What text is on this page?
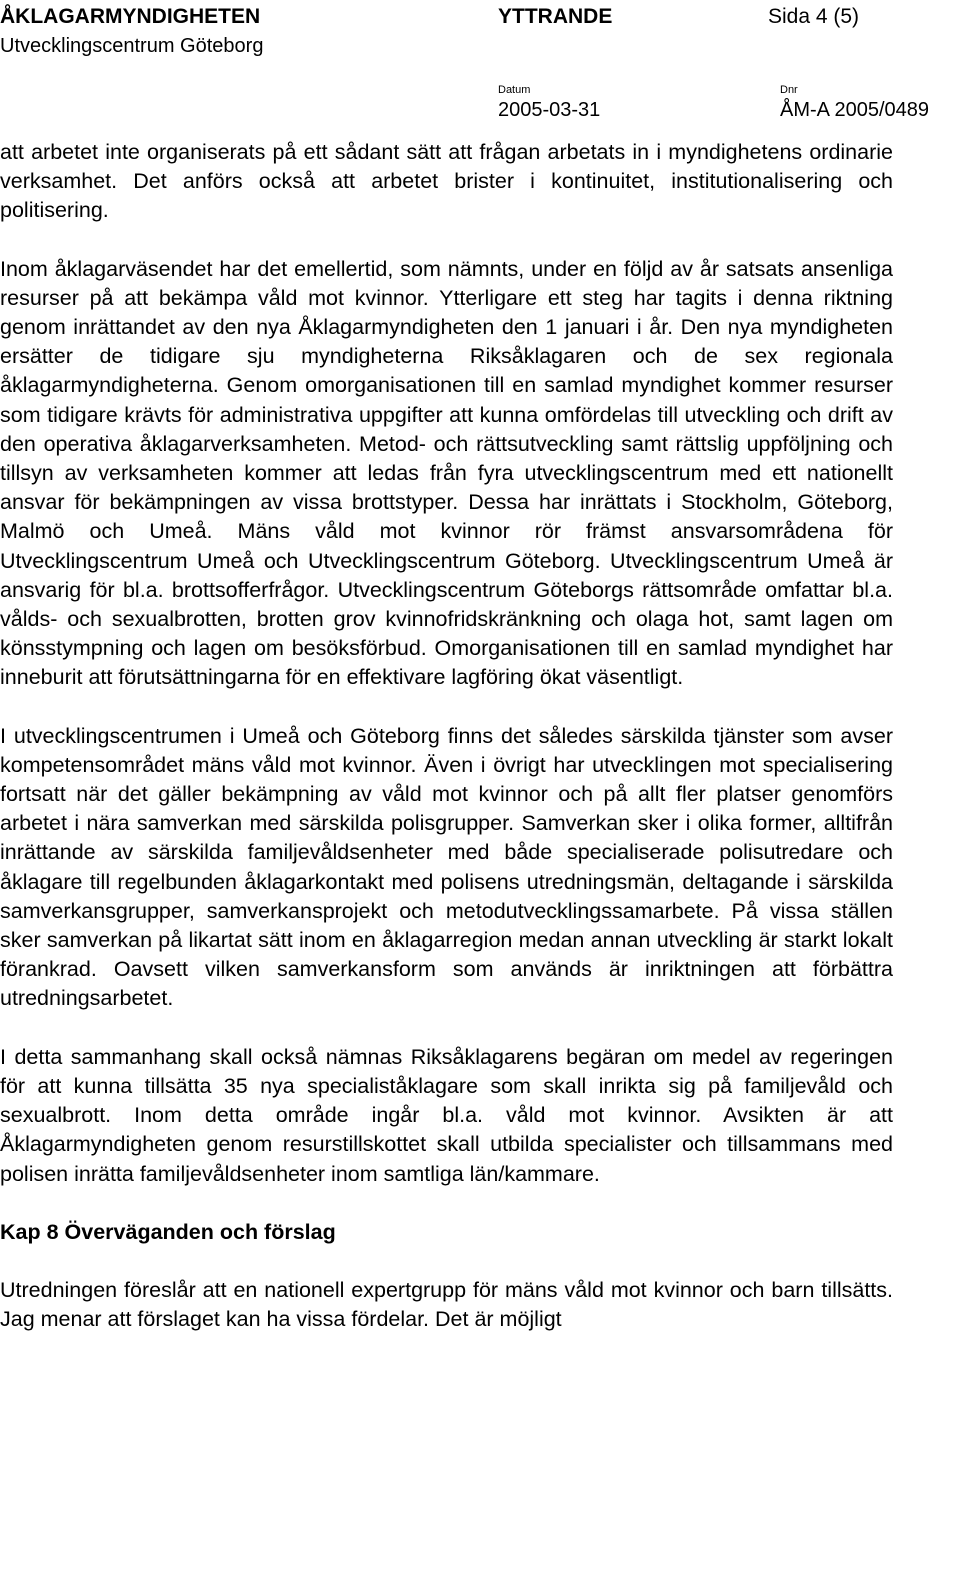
ÅKLAGARMYNDIGHETEN	YTTRANDE	Sida 4 (5)
Utvecklingscentrum Göteborg
Datum	Dnr
2005-03-31	ÅM-A 2005/0489

att arbetet inte organiserats på ett sådant sätt att frågan arbetats in i myndighetens ordinarie verksamhet. Det anförs också att arbetet brister i kontinuitet, institutionalisering och politisering.

Inom åklagarväsendet har det emellertid, som nämnts, under en följd av år satsats ansenliga resurser på att bekämpa våld mot kvinnor. Ytterligare ett steg har tagits i denna riktning genom inrättandet av den nya Åklagarmyndigheten den 1 januari i år. Den nya myndigheten ersätter de tidigare sju myndigheterna Riksåklagaren och de sex regionala åklagarmyndigheterna. Genom omorganisationen till en samlad myndighet kommer resurser som tidigare krävts för administrativa uppgifter att kunna omfördelas till utveckling och drift av den operativa åklagarverksamheten. Metod- och rättsutveckling samt rättslig uppföljning och tillsyn av verksamheten kommer att ledas från fyra utvecklingscentrum med ett nationellt ansvar för bekämpningen av vissa brottstyper. Dessa har inrättats i Stockholm, Göteborg, Malmö och Umeå. Mäns våld mot kvinnor rör främst ansvarsområdena för Utvecklingscentrum Umeå och Utvecklingscentrum Göteborg. Utvecklingscentrum Umeå är ansvarig för bl.a. brottsofferfrågor. Utvecklingscentrum Göteborgs rättsområde omfattar bl.a. vålds- och sexualbrotten, brotten grov kvinnofridskränkning och olaga hot, samt lagen om könsstympning och lagen om besöksförbud. Omorganisationen till en samlad myndighet har inneburit att förutsättningarna för en effektivare lagföring ökat väsentligt.

I utvecklingscentrumen i Umeå och Göteborg finns det således särskilda tjänster som avser kompetensområdet mäns våld mot kvinnor. Även i övrigt har utvecklingen mot specialisering fortsatt när det gäller bekämpning av våld mot kvinnor och på allt fler platser genomförs arbetet i nära samverkan med särskilda polisgrupper. Samverkan sker i olika former, alltifrån inrättande av särskilda familjevåldsenheter med både specialiserade polisutredare och åklagare till regelbunden åklagarkontakt med polisens utredningsmän, deltagande i särskilda samverkansgrupper, samverkansprojekt och metodutvecklingssamarbete. På vissa ställen sker samverkan på likartat sätt inom en åklagarregion medan annan utveckling är starkt lokalt förankrad. Oavsett vilken samverkansform som används är inriktningen att förbättra utredningsarbetet.

I detta sammanhang skall också nämnas Riksåklagarens begäran om medel av regeringen för att kunna tillsätta 35 nya specialiståklagare som skall inrikta sig på familjevåld och sexualbrott. Inom detta område ingår bl.a. våld mot kvinnor. Avsikten är att Åklagarmyndigheten genom resurstillskottet skall utbilda specialister och tillsammans med polisen inrätta familjevåldsenheter inom samtliga län/kammare.

Kap 8 Överväganden och förslag

Utredningen föreslår att en nationell expertgrupp för mäns våld mot kvinnor och barn tillsätts. Jag menar att förslaget kan ha vissa fördelar. Det är möjligt
